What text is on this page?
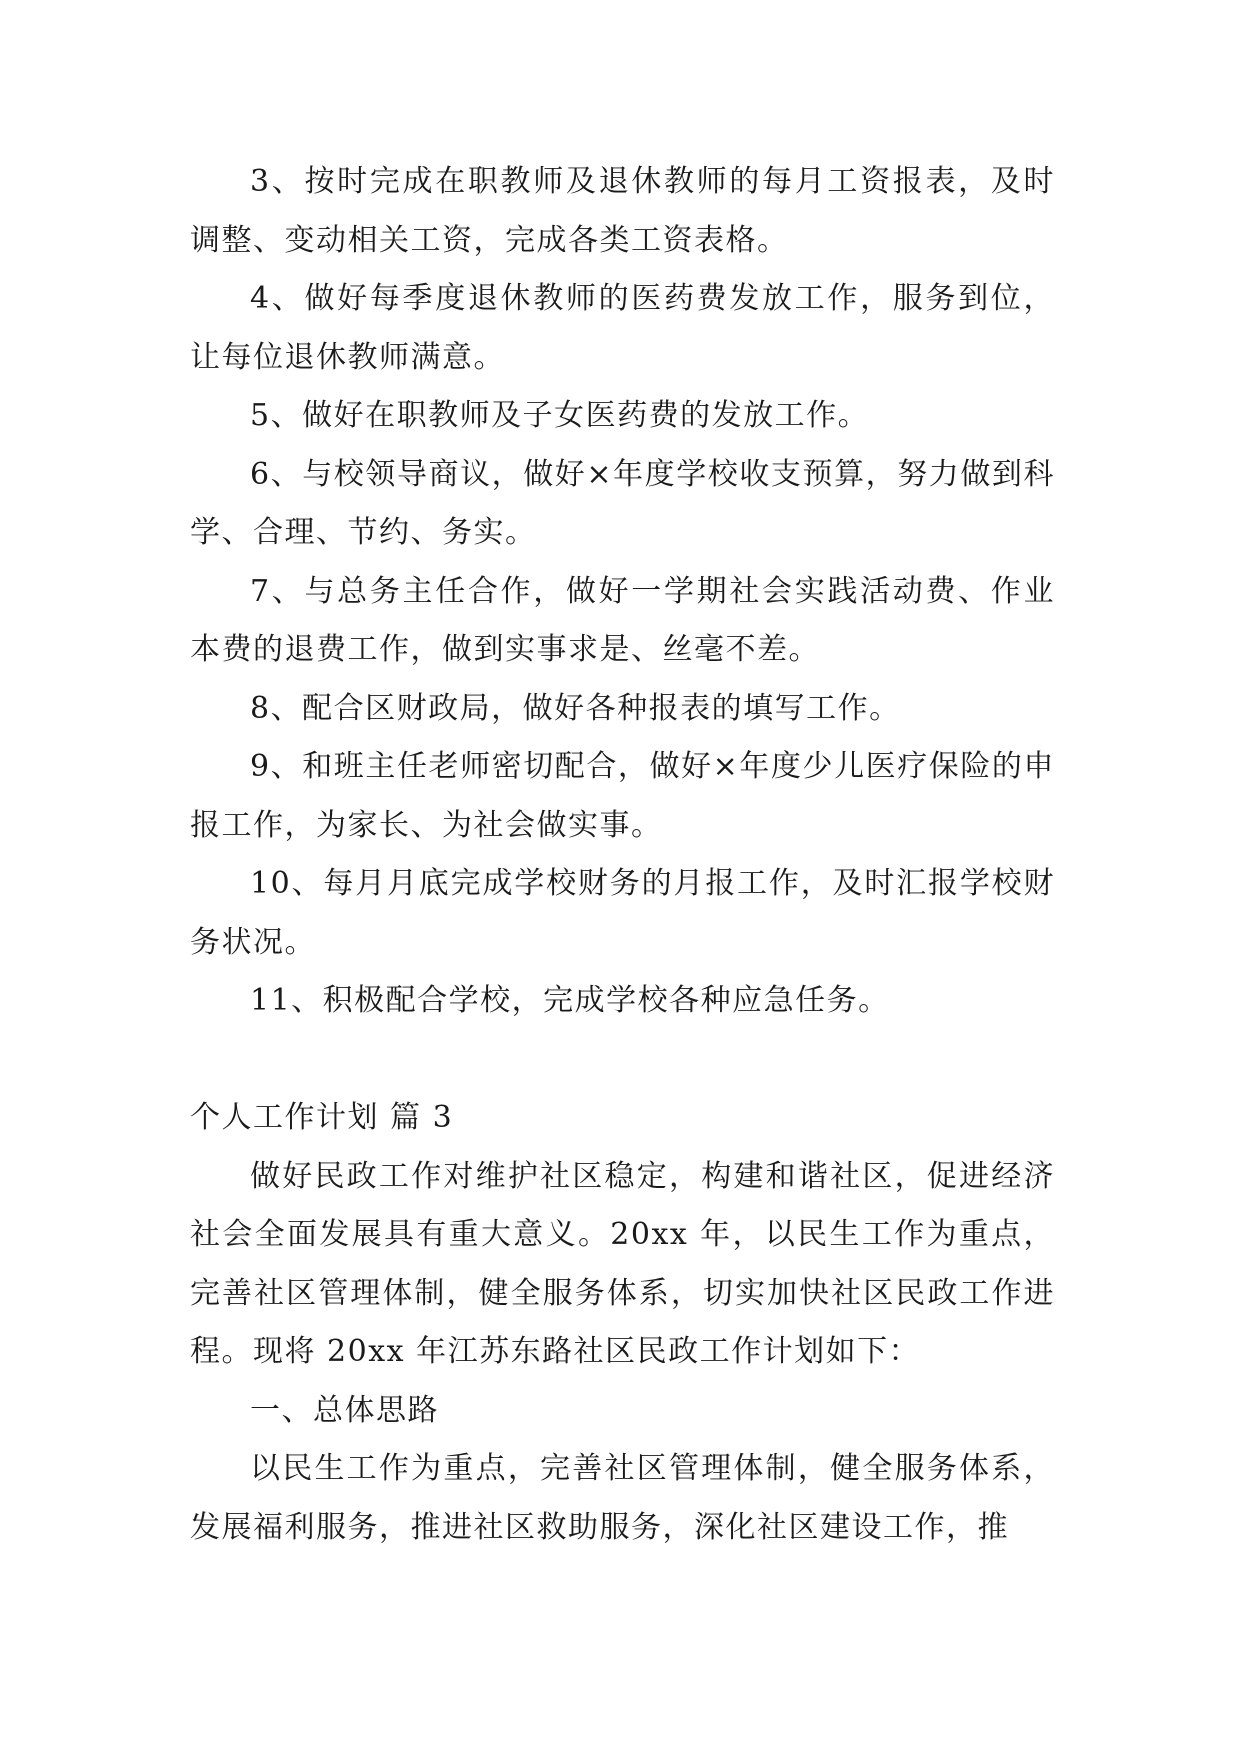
3、按时完成在职教师及退休教师的每月工资报表，及时调整、变动相关工资，完成各类工资表格。

4、做好每季度退休教师的医药费发放工作，服务到位，让每位退休教师满意。

5、做好在职教师及子女医药费的发放工作。

6、与校领导商议，做好×年度学校收支预算，努力做到科学、合理、节约、务实。

7、与总务主任合作，做好一学期社会实践活动费、作业本费的退费工作，做到实事求是、丝毫不差。

8、配合区财政局，做好各种报表的填写工作。

9、和班主任老师密切配合，做好×年度少儿医疗保险的申报工作，为家长、为社会做实事。

10、每月月底完成学校财务的月报工作，及时汇报学校财务状况。

11、积极配合学校，完成学校各种应急任务。

个人工作计划 篇 3

做好民政工作对维护社区稳定，构建和谐社区，促进经济社会全面发展具有重大意义。20xx 年，以民生工作为重点，完善社区管理体制，健全服务体系，切实加快社区民政工作进程。现将 20xx 年江苏东路社区民政工作计划如下：

一、总体思路

以民生工作为重点，完善社区管理体制，健全服务体系，发展福利服务，推进社区救助服务，深化社区建设工作，推
